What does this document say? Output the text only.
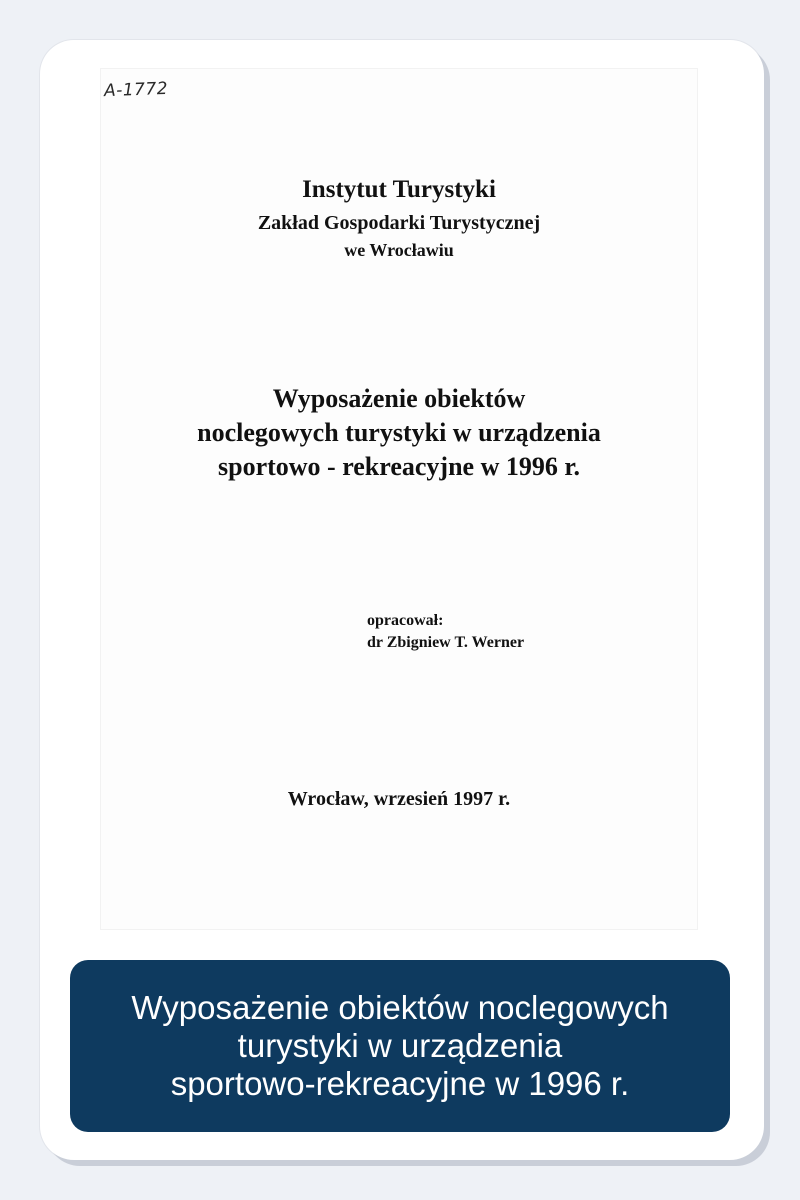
A-1772
Instytut Turystyki
Zakład Gospodarki Turystycznej
we Wrocławiu
Wyposażenie obiektów
noclegowych turystyki w urządzenia
sportowo - rekreacyjne w 1996 r.
opracował:
dr Zbigniew T. Werner
Wrocław, wrzesień 1997 r.
Wyposażenie obiektów noclegowych
turystyki w urządzenia
sportowo-rekreacyjne w 1996 r.
